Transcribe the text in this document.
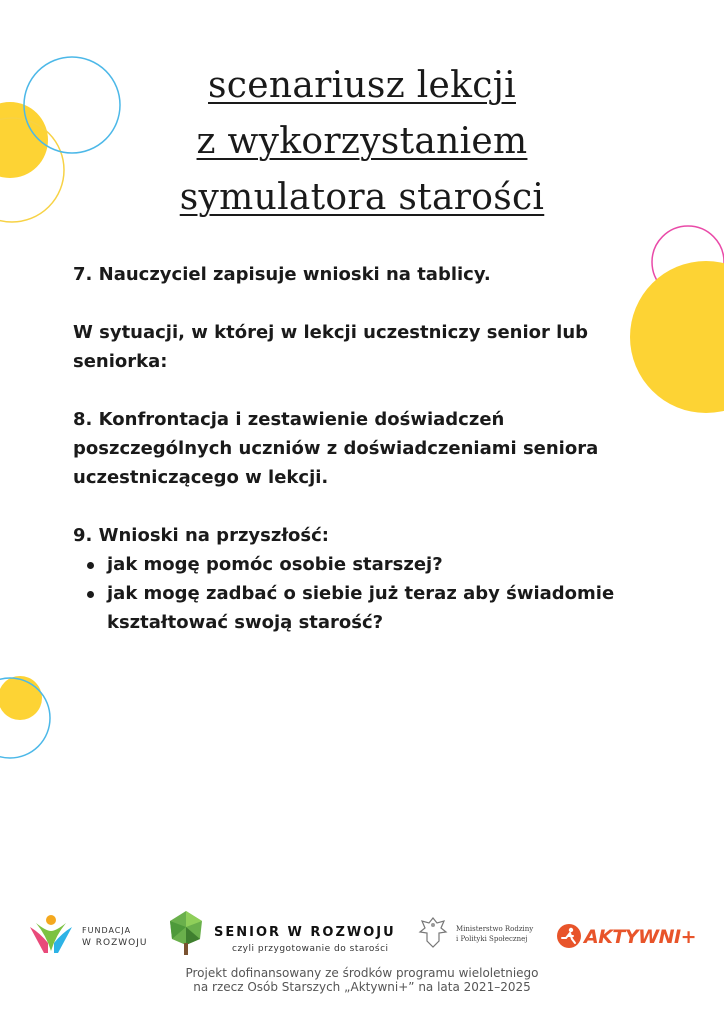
scenariusz lekcji
z wykorzystaniem
symulatora starości

7. Nauczyciel zapisuje wnioski na tablicy.

W sytuacji, w której w lekcji uczestniczy senior lub seniorka:

8. Konfrontacja i zestawienie doświadczeń poszczególnych uczniów z doświadczeniami seniora uczestniczącego w lekcji.

9. Wnioski na przyszłość:

jak mogę pomóc osobie starszej?
jak mogę zadbać o siebie już teraz aby świadomie kształtować swoją starość?
FUNDACJA
W ROZWOJU
SENIOR W ROZWOJU
czyli przygotowanie do starości
Ministerstwo Rodziny
i Polityki Społecznej	AKTYWNI+
Projekt dofinansowany ze środków programu wieloletniego
na rzecz Osób Starszych „Aktywni+” na lata 2021–2025
